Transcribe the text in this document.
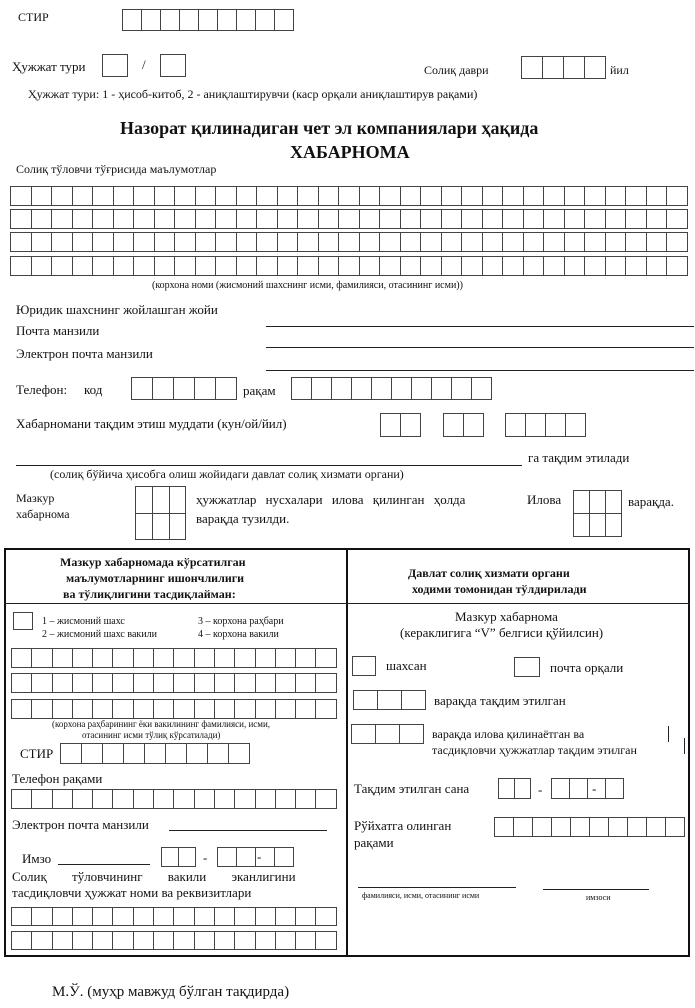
СТИР
Ҳужжат тури	/	Солиқ даври	йил
Ҳужжат тури: 1 - ҳисоб-китоб, 2 - аниқлаштирувчи (каср орқали аниқлаштирув рақами)
Назорат қилинадиган чет эл компаниялари ҳақида
ХАБАРНОМА
Солиқ тўловчи тўғрисида маълумотлар
(корхона номи (жисмоний шахснинг исми, фамилияси, отасининг исми))
Юридик шахснинг жойлашган жойи
Почта манзили
Электрон почта манзили
Телефон: код	рақам
Хабарномани тақдим этиш муддати (кун/ой/йил)
га тақдим этилади
(солиқ бўйича ҳисобга олиш жойидаги давлат солиқ хизмати органи)
Мазкур
хабарнома
ҳужжатлар нусхалари илова қилинган ҳолда
варақда тузилди.
Илова	варақда.
Мазкур хабарномада кўрсатилган
маълумотларнинг ишончлилиги
ва тўлиқлигини тасдиқлайман:
1 – жисмоний шахс
2 – жисмоний шахс вакили
3 – корхона раҳбари
4 – корхона вакили
(корхона раҳбарининг ёки вакилининг фамилияси, исми,
отасининг исми тўлиқ кўрсатилади)
СТИР
Телефон рақами
Электрон почта манзили
Имзо	-	-
Солиқ тўловчининг вакили эканлигини
тасдиқловчи ҳужжат номи ва реквизитлари
Давлат солиқ хизмати органи
ходими томонидан тўлдирилади
Мазкур хабарнома
(кераклигига “V” белгиси қўйилсин)
шахсан	почта орқали
варақда тақдим этилган
варақда илова қилинаётган ва
тасдиқловчи ҳужжатлар тақдим этилган
Тақдим этилган сана	-	-
Рўйхатга олинган
рақами
фамилияси, исми, отасининг исми	имзоси
М.Ў. (муҳр мавжуд бўлган тақдирда)
